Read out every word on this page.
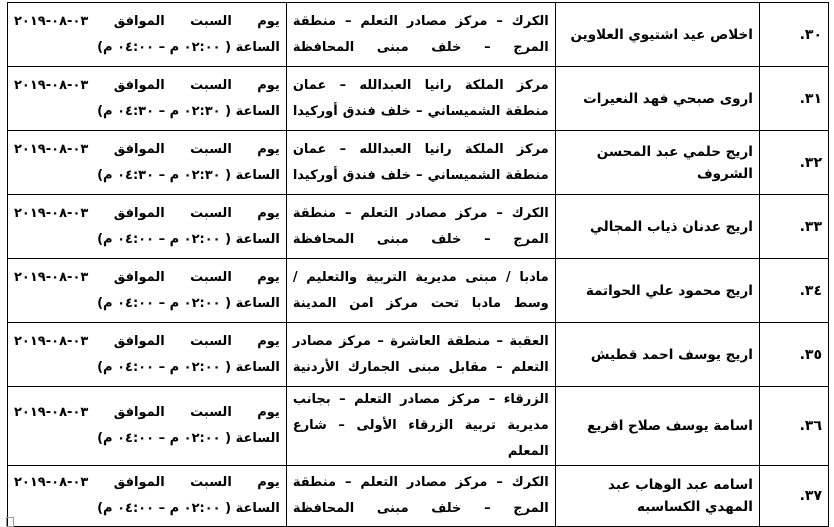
٣٠.	اخلاص عيد اشتيوي العلاوين	الكرك – مركز مصادر التعلم – منطقة المرج – خلف مبنى المحافظة	يوم السبت الموافق ٠٣-٠٨-٢٠١٩
الساعة ( ٠٢:٠٠ م – ٠٤:٠٠ م)

٣١.	اروى صبحي فهد النعيرات	مركز الملكة رانيا العبدالله – عمان منطقة الشميساني – خلف فندق أوركيدا	يوم السبت الموافق ٠٣-٠٨-٢٠١٩
الساعة ( ٠٢:٣٠ م – ٠٤:٣٠ م)

٣٢.	اريج حلمي عبد المحسن الشروف	مركز الملكة رانيا العبدالله – عمان منطقة الشميساني – خلف فندق أوركيدا	يوم السبت الموافق ٠٣-٠٨-٢٠١٩
الساعة ( ٠٢:٣٠ م – ٠٤:٣٠ م)

٣٣.	اريج عدنان ذياب المجالي	الكرك – مركز مصادر التعلم – منطقة المرج – خلف مبنى المحافظة	يوم السبت الموافق ٠٣-٠٨-٢٠١٩
الساعة ( ٠٢:٠٠ م – ٠٤:٠٠ م)

٣٤.	اريج محمود علي الحواتمة	مادبا / مبنى مديرية التربية والتعليم /وسط مادبا تحت مركز امن المدينة	يوم السبت الموافق ٠٣-٠٨-٢٠١٩
الساعة ( ٠٢:٠٠ م – ٠٤:٠٠ م)

٣٥.	اريج يوسف احمد قطيش	العقبة – منطقة العاشرة – مركز مصادر التعلم – مقابل مبنى الجمارك الأردنية	يوم السبت الموافق ٠٣-٠٨-٢٠١٩
الساعة ( ٠٢:٠٠ م – ٠٤:٠٠ م)

٣٦.	اسامة يوسف صلاح اقريع	الزرقاء – مركز مصادر التعلم – بجانب مديرية تربية الزرقاء الأولى – شارع المعلم	يوم السبت الموافق ٠٣-٠٨-٢٠١٩
الساعة ( ٠٢:٠٠ م – ٠٤:٠٠ م)

٣٧.	اسامه عبد الوهاب عبد المهدي الكساسبه	الكرك – مركز مصادر التعلم – منطقة المرج – خلف مبنى المحافظة	يوم السبت الموافق ٠٣-٠٨-٢٠١٩
الساعة ( ٠٢:٠٠ م – ٠٤:٠٠ م)
